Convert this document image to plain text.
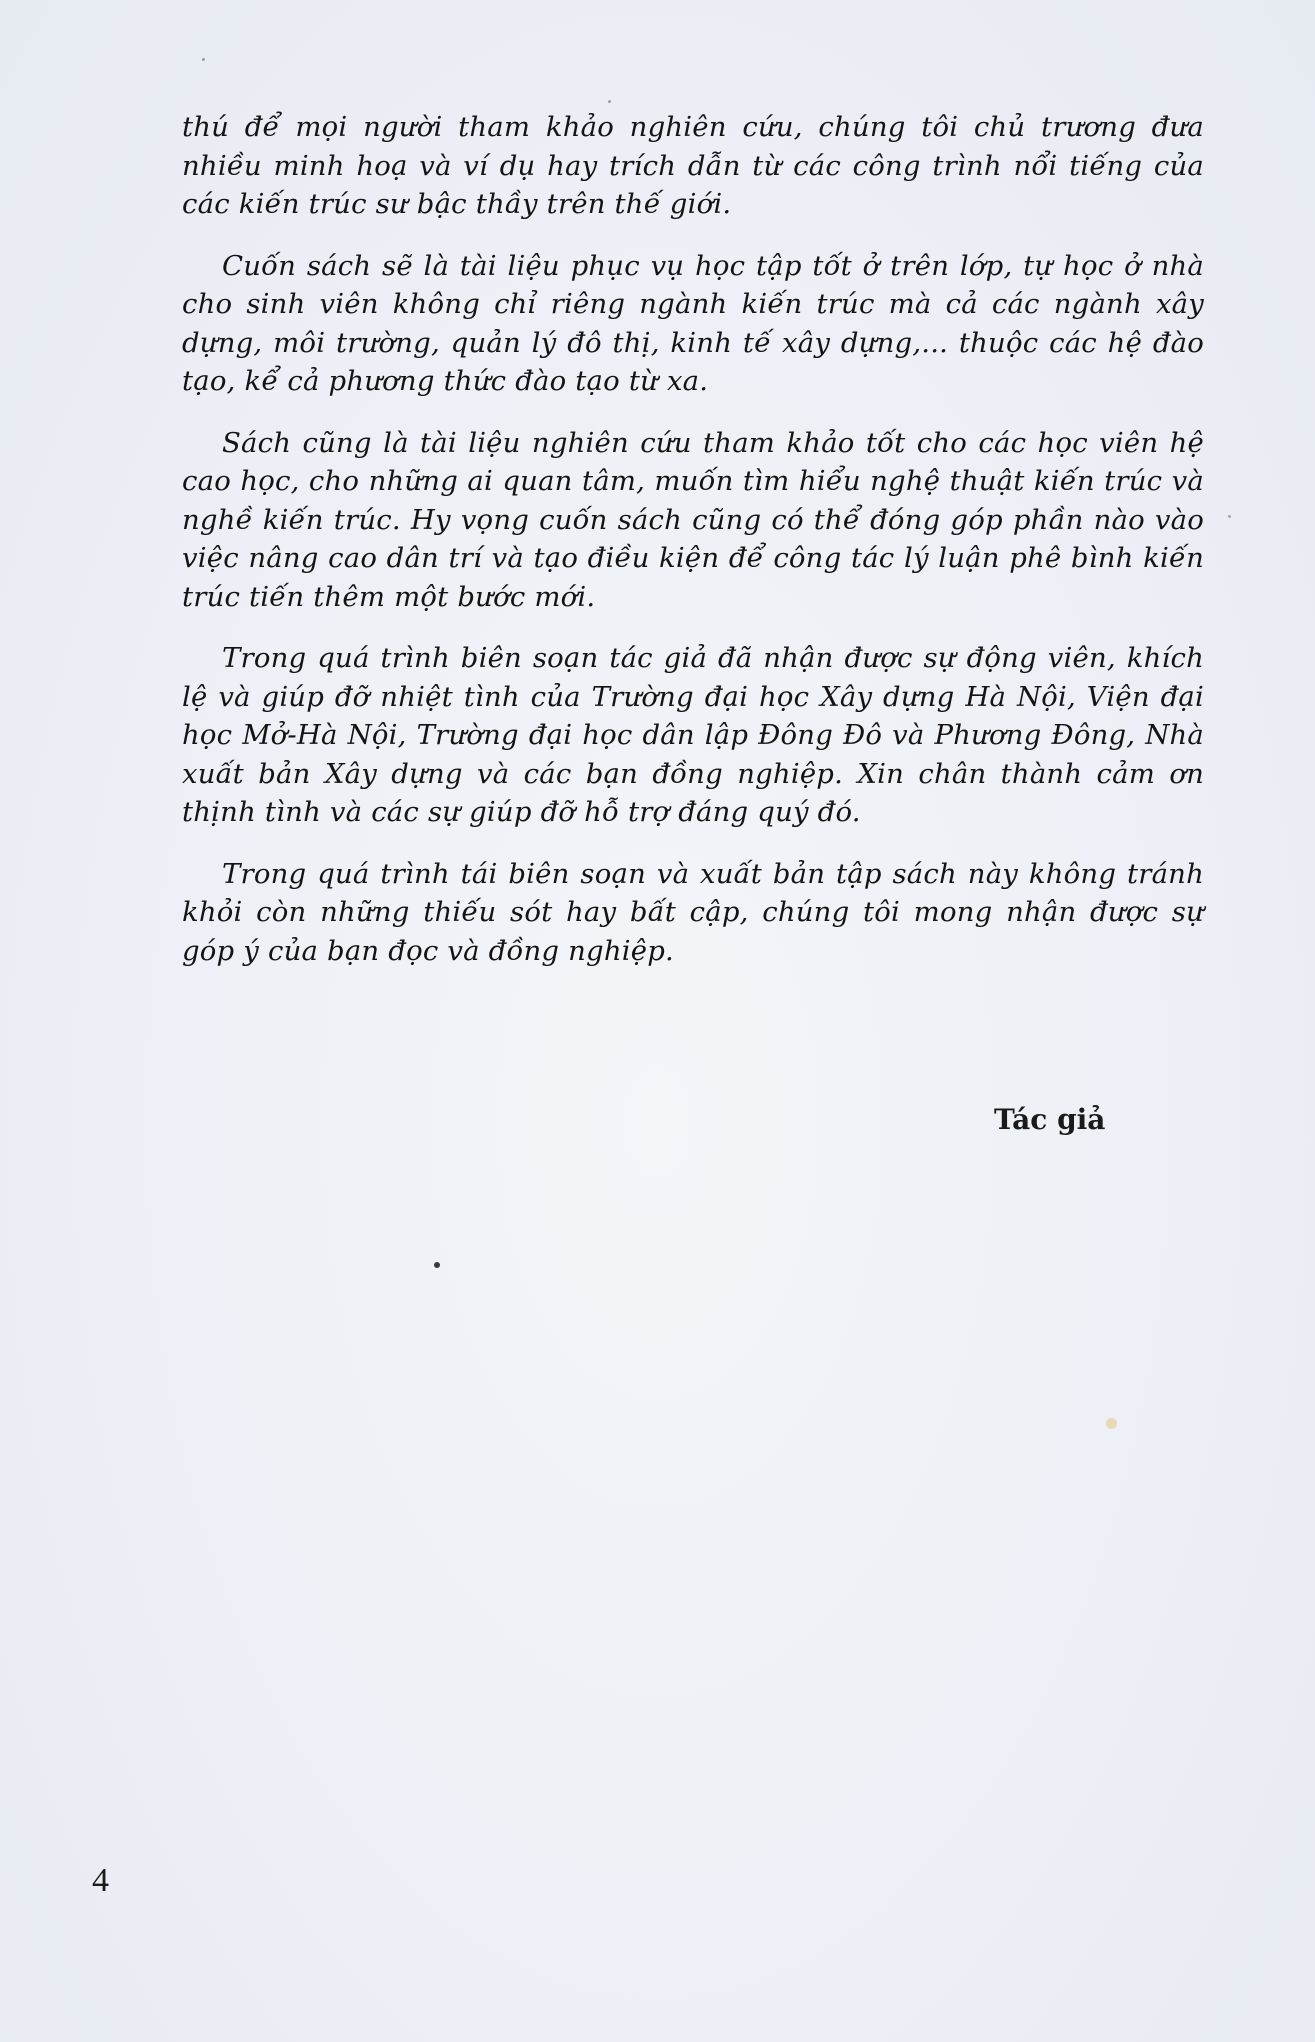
thú để mọi người tham khảo nghiên cứu, chúng tôi chủ trương đưa nhiều minh hoạ và ví dụ hay trích dẫn từ các công trình nổi tiếng của các kiến trúc sư bậc thầy trên thế giới.

Cuốn sách sẽ là tài liệu phục vụ học tập tốt ở trên lớp, tự học ở nhà cho sinh viên không chỉ riêng ngành kiến trúc mà cả các ngành xây dựng, môi trường, quản lý đô thị, kinh tế xây dựng,... thuộc các hệ đào tạo, kể cả phương thức đào tạo từ xa.

Sách cũng là tài liệu nghiên cứu tham khảo tốt cho các học viên hệ cao học, cho những ai quan tâm, muốn tìm hiểu nghệ thuật kiến trúc và nghề kiến trúc. Hy vọng cuốn sách cũng có thể đóng góp phần nào vào việc nâng cao dân trí và tạo điều kiện để công tác lý luận phê bình kiến trúc tiến thêm một bước mới.

Trong quá trình biên soạn tác giả đã nhận được sự động viên, khích lệ và giúp đỡ nhiệt tình của Trường đại học Xây dựng Hà Nội, Viện đại học Mở-Hà Nội, Trường đại học dân lập Đông Đô và Phương Đông, Nhà xuất bản Xây dựng và các bạn đồng nghiệp. Xin chân thành cảm ơn thịnh tình và các sự giúp đỡ hỗ trợ đáng quý đó.

Trong quá trình tái biên soạn và xuất bản tập sách này không tránh khỏi còn những thiếu sót hay bất cập, chúng tôi mong nhận được sự góp ý của bạn đọc và đồng nghiệp.

Tác giả
4
